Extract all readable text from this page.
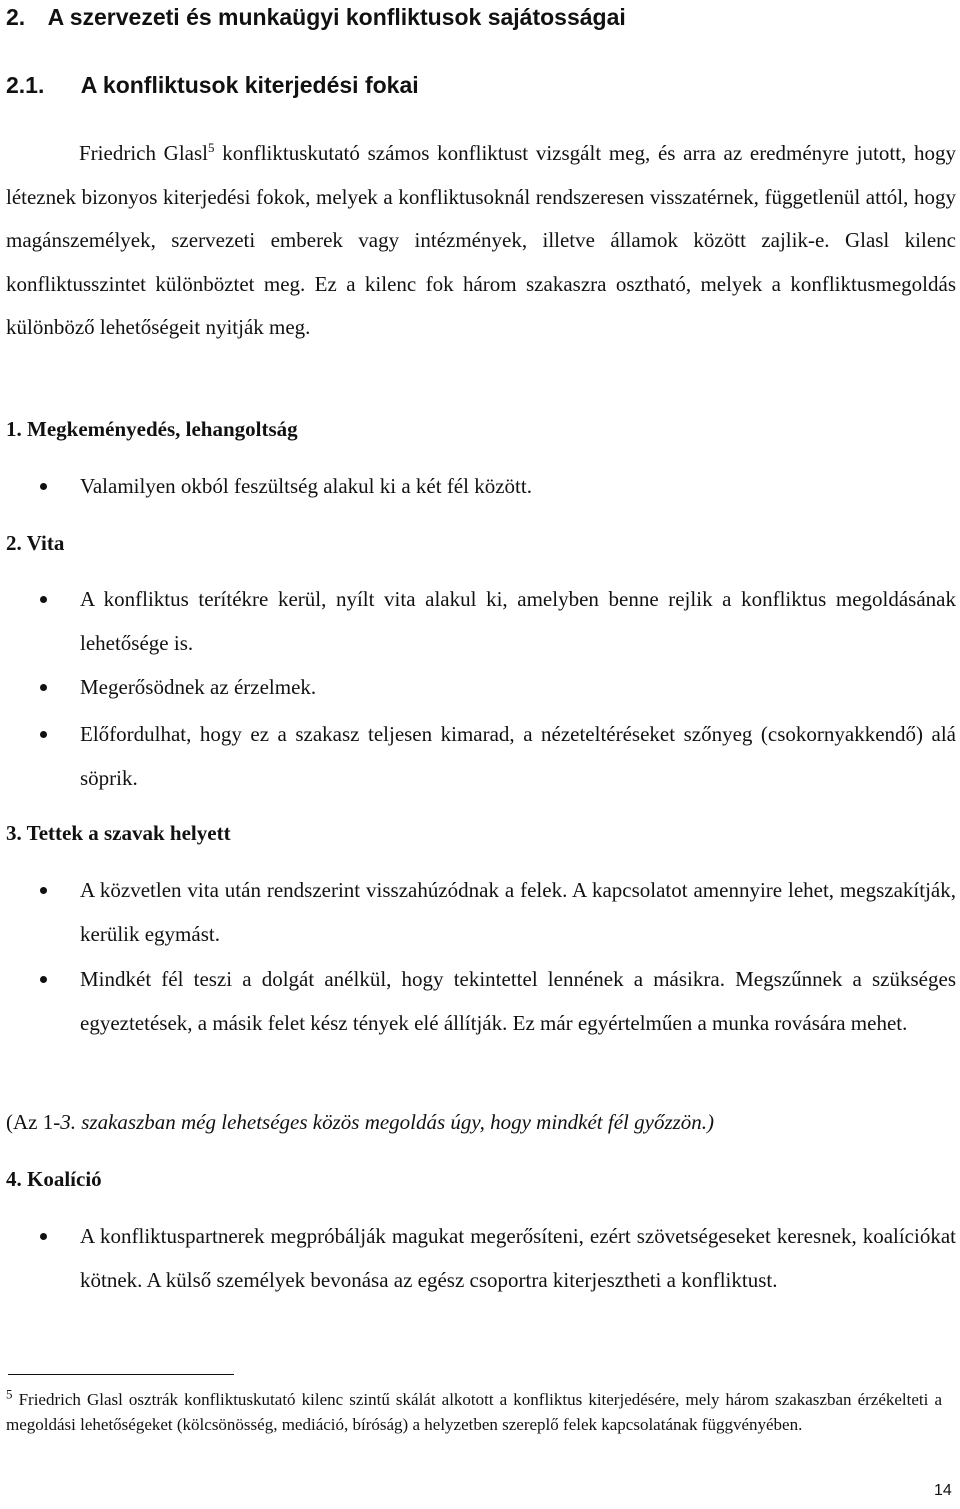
2. A szervezeti és munkaügyi konfliktusok sajátosságai
2.1. A konfliktusok kiterjedési fokai

Friedrich Glasl$^5$ konfliktuskutató számos konfliktust vizsgált meg, és arra az eredményre jutott, hogy léteznek bizonyos kiterjedési fokok, melyek a konfliktusoknál rendszeresen visszatérnek, függetlenül attól, hogy magánszemélyek, szervezeti emberek vagy intézmények, illetve államok között zajlik-e. Glasl kilenc konfliktusszintet különböztet meg. Ez a kilenc fok három szakaszra osztható, melyek a konfliktusmegoldás különböző lehetőségeit nyitják meg.

1. Megkeményedés, lehangoltság
Valamilyen okból feszültség alakul ki a két fél között.
2. Vita
A konfliktus terítékre kerül, nyílt vita alakul ki, amelyben benne rejlik a konfliktus megoldásának lehetősége is.
Megerősödnek az érzelmek.
Előfordulhat, hogy ez a szakasz teljesen kimarad, a nézeteltéréseket szőnyeg (csokornyakkendő) alá söprik.
3. Tettek a szavak helyett
A közvetlen vita után rendszerint visszahúzódnak a felek. A kapcsolatot amennyire lehet, megszakítják, kerülik egymást.
Mindkét fél teszi a dolgát anélkül, hogy tekintettel lennének a másikra. Megszűnnek a szükséges egyeztetések, a másik felet kész tények elé állítják. Ez már egyértelműen a munka rovására mehet.
(Az 1-3. szakaszban még lehetséges közös megoldás úgy, hogy mindkét fél győzzön.)
4. Koalíció
A konfliktuspartnerek megpróbálják magukat megerősíteni, ezért szövetségeseket keresnek, koalíciókat kötnek. A külső személyek bevonása az egész csoportra kiterjesztheti a konfliktust.
$^5$ Friedrich Glasl osztrák konfliktuskutató kilenc szintű skálát alkotott a konfliktus kiterjedésére, mely három szakaszban érzékelteti a megoldási lehetőségeket (kölcsönösség, mediáció, bíróság) a helyzetben szereplő felek kapcsolatának függvényében.
14
